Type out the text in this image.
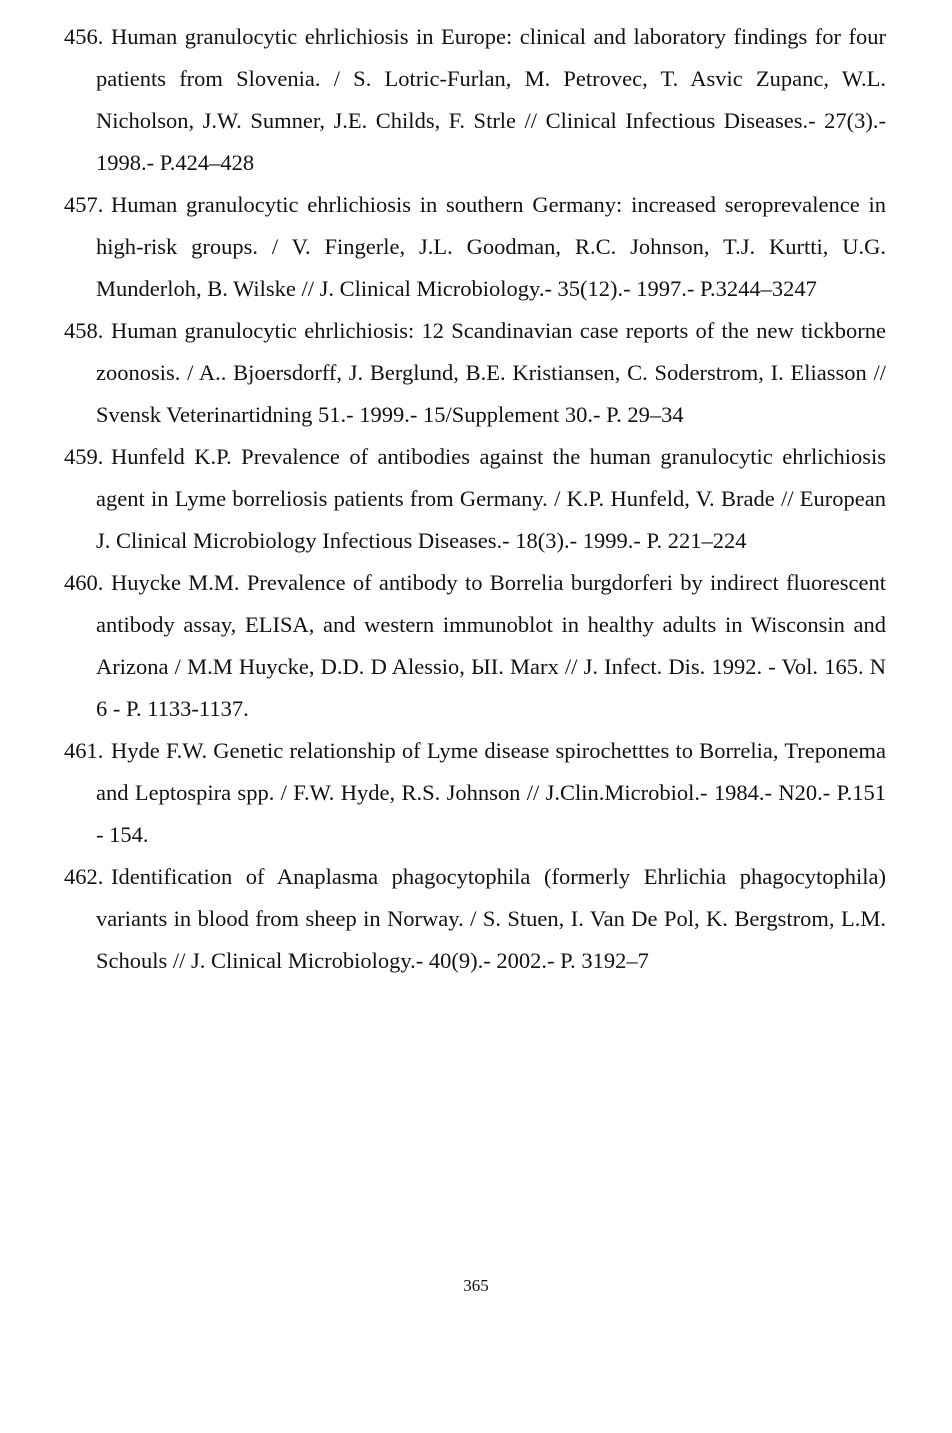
456. Human granulocytic ehrlichiosis in Europe: clinical and laboratory findings for four patients from Slovenia. / S. Lotric-Furlan, M. Petrovec, T. Asvic Zupanc, W.L. Nicholson, J.W. Sumner, J.E. Childs, F. Strle // Clinical Infectious Diseases.- 27(3).- 1998.- P.424–428
457. Human granulocytic ehrlichiosis in southern Germany: increased seroprevalence in high-risk groups. / V. Fingerle, J.L. Goodman, R.C. Johnson, T.J. Kurtti, U.G. Munderloh, B. Wilske // J. Clinical Microbiology.- 35(12).- 1997.- P.3244–3247
458. Human granulocytic ehrlichiosis: 12 Scandinavian case reports of the new tickborne zoonosis. / A.. Bjoersdorff, J. Berglund, B.E. Kristiansen, C. Soderstrom, I. Eliasson // Svensk Veterinartidning 51.- 1999.- 15/Supplement 30.- P. 29–34
459. Hunfeld K.P. Prevalence of antibodies against the human granulocytic ehrlichiosis agent in Lyme borreliosis patients from Germany. / K.P. Hunfeld, V. Brade // European J. Clinical Microbiology Infectious Diseases.- 18(3).- 1999.- P. 221–224
460. Huycke M.M. Prevalence of antibody to Borrelia burgdorferi by indirect fluorescent antibody assay, ELISA, and western immunoblot in healthy adults in Wisconsin and Arizona / M.M Huycke, D.D. D Alessio, ЫI. Marx // J. Infect. Dis. 1992. - Vol. 165. N 6 - P. 1133-1137.
461. Hyde F.W. Genetic relationship of Lyme disease spirochetttes to Borrelia, Treponema and Leptospira spp. / F.W. Hyde, R.S. Johnson // J.Clin.Microbiol.- 1984.- N20.- P.151 - 154.
462. Identification of Anaplasma phagocytophila (formerly Ehrlichia phagocytophila) variants in blood from sheep in Norway. / S. Stuen, I. Van De Pol, K. Bergstrom, L.M. Schouls // J. Clinical Microbiology.- 40(9).- 2002.- P. 3192–7
365
